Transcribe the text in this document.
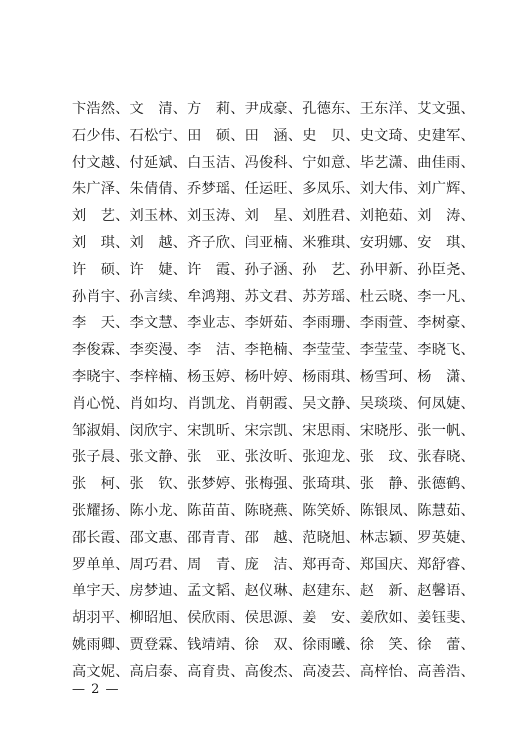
卞浩然、文　清、方　莉、尹成豪、孔德东、王东洋、艾文强、
石少伟、石松宁、田　硕、田　涵、史　贝、史文琦、史建军、
付文越、付延斌、白玉洁、冯俊科、宁如意、毕艺潇、曲佳雨、
朱广泽、朱倩倩、乔梦瑶、任运旺、多凤乐、刘大伟、刘广辉、
刘　艺、刘玉林、刘玉涛、刘　星、刘胜君、刘艳茹、刘　涛、
刘　琪、刘　越、齐子欣、闫亚楠、米雅琪、安玥娜、安　琪、
许　硕、许　婕、许　霞、孙子涵、孙　艺、孙甲新、孙臣尧、
孙肖宇、孙言续、牟鸿翔、苏文君、苏芳瑶、杜云晓、李一凡、
李　天、李文慧、李业志、李妍茹、李雨珊、李雨萱、李树豪、
李俊霖、李奕漫、李　洁、李艳楠、李莹莹、李莹莹、李晓飞、
李晓宇、李梓楠、杨玉婷、杨叶婷、杨雨琪、杨雪珂、杨　潇、
肖心悦、肖如均、肖凯龙、肖朝霞、吴文静、吴琰琰、何凤婕、
邹淑娟、闵欣宇、宋凯昕、宋宗凯、宋思雨、宋晓彤、张一帆、
张子晨、张文静、张　亚、张汝昕、张迎龙、张　玟、张春晓、
张　柯、张　钦、张梦婷、张梅强、张琦琪、张　静、张德鹤、
张耀扬、陈小龙、陈苗苗、陈晓燕、陈笑娇、陈银凤、陈慧茹、
邵长霞、邵文惠、邵青青、邵　越、范晓旭、林志颖、罗英婕、
罗单单、周巧君、周　青、庞　洁、郑再奇、郑国庆、郑舒睿、
单宇天、房梦迪、孟文韬、赵仪琳、赵建东、赵　新、赵馨语、
胡羽平、柳昭旭、侯欣雨、侯思源、姜　安、姜欣如、姜钰斐、
姚雨卿、贾登霖、钱靖靖、徐　双、徐雨曦、徐　笑、徐　蕾、
高文妮、高启泰、高育贵、高俊杰、高凌芸、高梓怡、高善浩、
— 2 —
